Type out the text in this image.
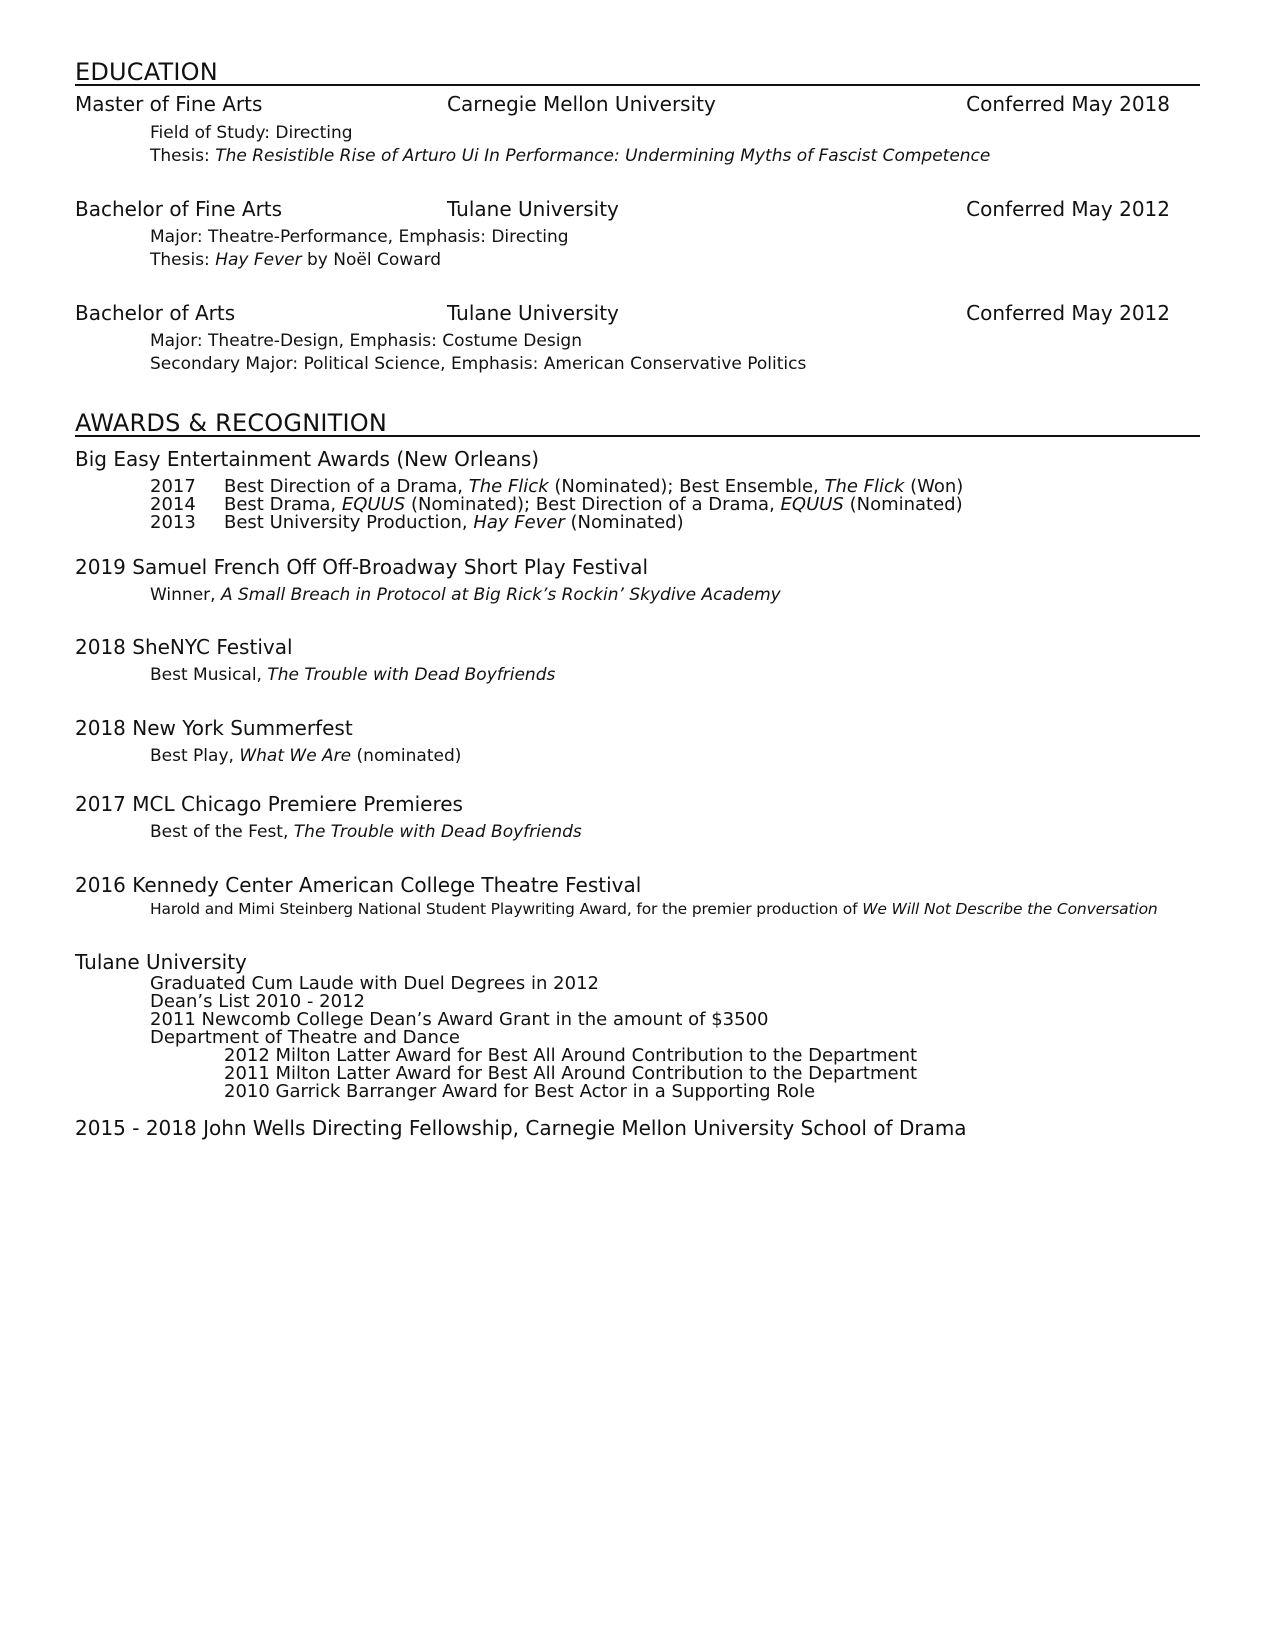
EDUCATION
Master of Fine Arts	Carnegie Mellon University	Conferred May 2018
Field of Study: Directing
Thesis: The Resistible Rise of Arturo Ui In Performance: Undermining Myths of Fascist Competence
Bachelor of Fine Arts	Tulane University	Conferred May 2012
Major: Theatre-Performance, Emphasis: Directing
Thesis: Hay Fever by Noël Coward
Bachelor of Arts	Tulane University	Conferred May 2012
Major: Theatre-Design, Emphasis: Costume Design
Secondary Major: Political Science, Emphasis: American Conservative Politics
AWARDS & RECOGNITION
Big Easy Entertainment Awards (New Orleans)
2017 Best Direction of a Drama, The Flick (Nominated); Best Ensemble, The Flick (Won)
2014 Best Drama, EQUUS (Nominated); Best Direction of a Drama, EQUUS (Nominated)
2013 Best University Production, Hay Fever (Nominated)
2019 Samuel French Off Off-Broadway Short Play Festival
Winner, A Small Breach in Protocol at Big Rick’s Rockin’ Skydive Academy
2018 SheNYC Festival
Best Musical, The Trouble with Dead Boyfriends
2018 New York Summerfest
Best Play, What We Are (nominated)
2017 MCL Chicago Premiere Premieres
Best of the Fest, The Trouble with Dead Boyfriends
2016 Kennedy Center American College Theatre Festival
Harold and Mimi Steinberg National Student Playwriting Award, for the premier production of We Will Not Describe the Conversation
Tulane University
Graduated Cum Laude with Duel Degrees in 2012
Dean’s List 2010 - 2012
2011 Newcomb College Dean’s Award Grant in the amount of $3500
Department of Theatre and Dance
2012 Milton Latter Award for Best All Around Contribution to the Department
2011 Milton Latter Award for Best All Around Contribution to the Department
2010 Garrick Barranger Award for Best Actor in a Supporting Role
2015 - 2018 John Wells Directing Fellowship, Carnegie Mellon University School of Drama
